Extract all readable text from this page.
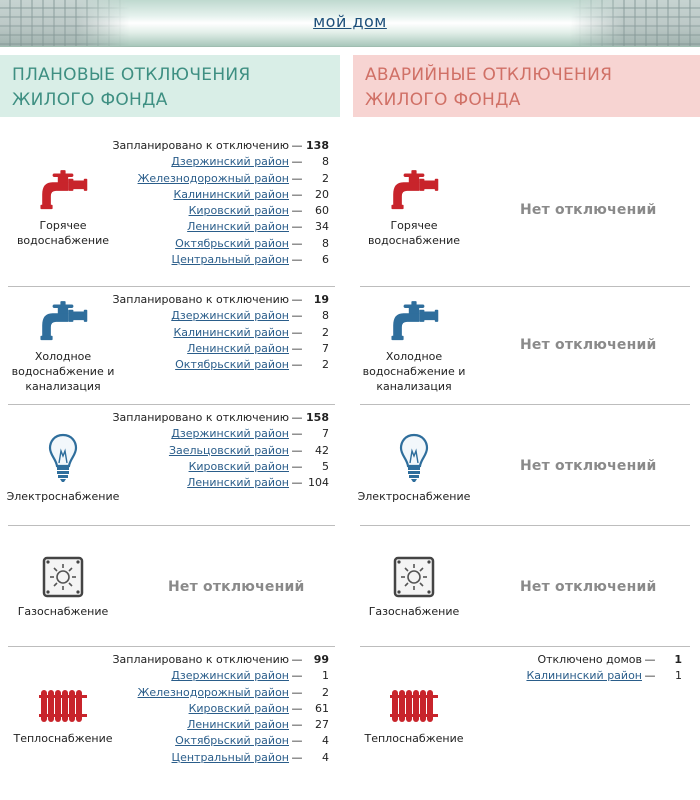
мой дом
ПЛАНОВЫЕ ОТКЛЮЧЕНИЯ ЖИЛОГО ФОНДА
АВАРИЙНЫЕ ОТКЛЮЧЕНИЯ ЖИЛОГО ФОНДА
Горячее водоснабжение
Запланировано к отключению — 138
Дзержинский район —	8
Железнодорожный район —	2
Калининский район —	20
Кировский район —	60
Ленинский район —	34
Октябрьский район —	8
Центральный район —	6
Горячее водоснабжение
Нет отключений
Холодное водоснабжение и канализация
Запланировано к отключению —	19
Дзержинский район —	8
Калининский район —	2
Ленинский район —	7
Октябрьский район —	2
Холодное водоснабжение и канализация
Нет отключений
Электроснабжение
Запланировано к отключению — 158
Дзержинский район —	7
Заельцовский район —	42
Кировский район —	5
Ленинский район — 104
Электроснабжение
Нет отключений
Газоснабжение
Нет отключений
Газоснабжение
Нет отключений
Теплоснабжение
Запланировано к отключению —	99
Дзержинский район —	1
Железнодорожный район —	2
Кировский район —	61
Ленинский район —	27
Октябрьский район —	4
Центральный район —	4
Теплоснабжение
Отключено домов —	1
Калининский район —	1
